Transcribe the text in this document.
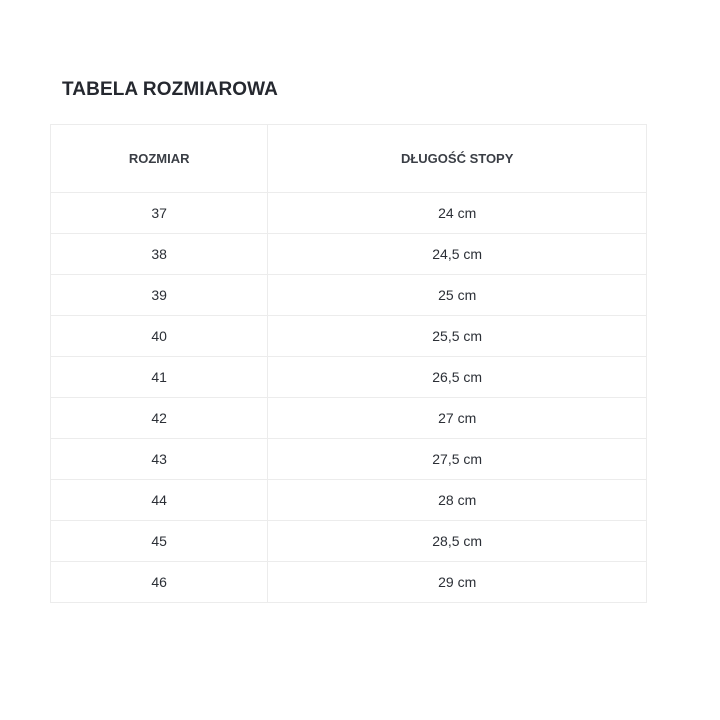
TABELA ROZMIAROWA
ROZMIAR	DŁUGOŚĆ STOPY
37	24 cm
38	24,5 cm
39	25 cm
40	25,5 cm
41	26,5 cm
42	27 cm
43	27,5 cm
44	28 cm
45	28,5 cm
46	29 cm
